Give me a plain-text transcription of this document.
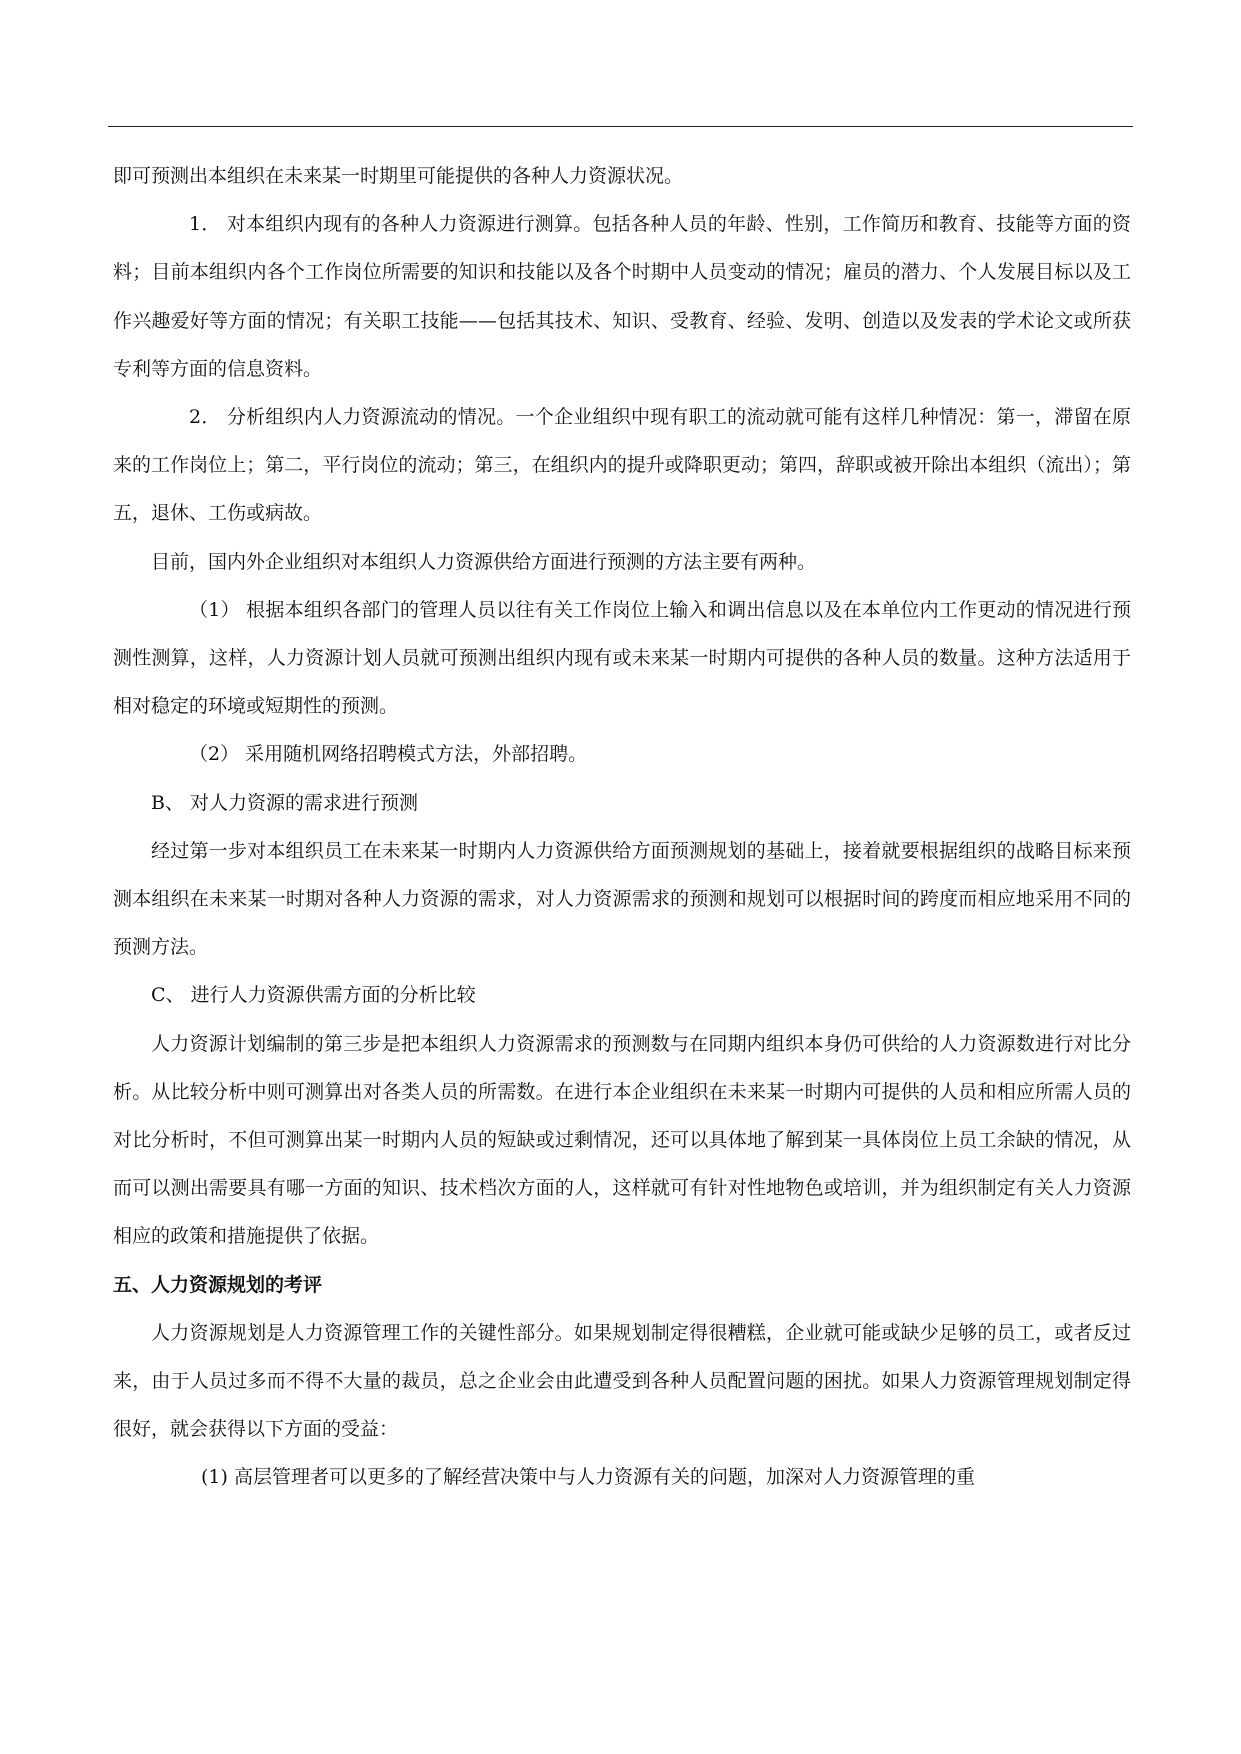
即可预测出本组织在未来某一时期里可能提供的各种人力资源状况。

1． 对本组织内现有的各种人力资源进行测算。包括各种人员的年龄、性别，工作简历和教育、技能等方面的资料；目前本组织内各个工作岗位所需要的知识和技能以及各个时期中人员变动的情况；雇员的潜力、个人发展目标以及工作兴趣爱好等方面的情况；有关职工技能——包括其技术、知识、受教育、经验、发明、创造以及发表的学术论文或所获专利等方面的信息资料。

2． 分析组织内人力资源流动的情况。一个企业组织中现有职工的流动就可能有这样几种情况：第一，滞留在原来的工作岗位上；第二，平行岗位的流动；第三，在组织内的提升或降职更动；第四，辞职或被开除出本组织（流出）；第五，退休、工伤或病故。

目前，国内外企业组织对本组织人力资源供给方面进行预测的方法主要有两种。

（1） 根据本组织各部门的管理人员以往有关工作岗位上输入和调出信息以及在本单位内工作更动的情况进行预测性测算，这样，人力资源计划人员就可预测出组织内现有或未来某一时期内可提供的各种人员的数量。这种方法适用于相对稳定的环境或短期性的预测。

（2） 采用随机网络招聘模式方法，外部招聘。

B、 对人力资源的需求进行预测

经过第一步对本组织员工在未来某一时期内人力资源供给方面预测规划的基础上，接着就要根据组织的战略目标来预测本组织在未来某一时期对各种人力资源的需求，对人力资源需求的预测和规划可以根据时间的跨度而相应地采用不同的预测方法。

C、 进行人力资源供需方面的分析比较

人力资源计划编制的第三步是把本组织人力资源需求的预测数与在同期内组织本身仍可供给的人力资源数进行对比分析。从比较分析中则可测算出对各类人员的所需数。在进行本企业组织在未来某一时期内可提供的人员和相应所需人员的对比分析时，不但可测算出某一时期内人员的短缺或过剩情况，还可以具体地了解到某一具体岗位上员工余缺的情况，从而可以测出需要具有哪一方面的知识、技术档次方面的人，这样就可有针对性地物色或培训，并为组织制定有关人力资源相应的政策和措施提供了依据。

五、人力资源规划的考评

人力资源规划是人力资源管理工作的关键性部分。如果规划制定得很糟糕，企业就可能或缺少足够的员工，或者反过来，由于人员过多而不得不大量的裁员，总之企业会由此遭受到各种人员配置问题的困扰。如果人力资源管理规划制定得很好，就会获得以下方面的受益：

(1) 高层管理者可以更多的了解经营决策中与人力资源有关的问题，加深对人力资源管理的重
